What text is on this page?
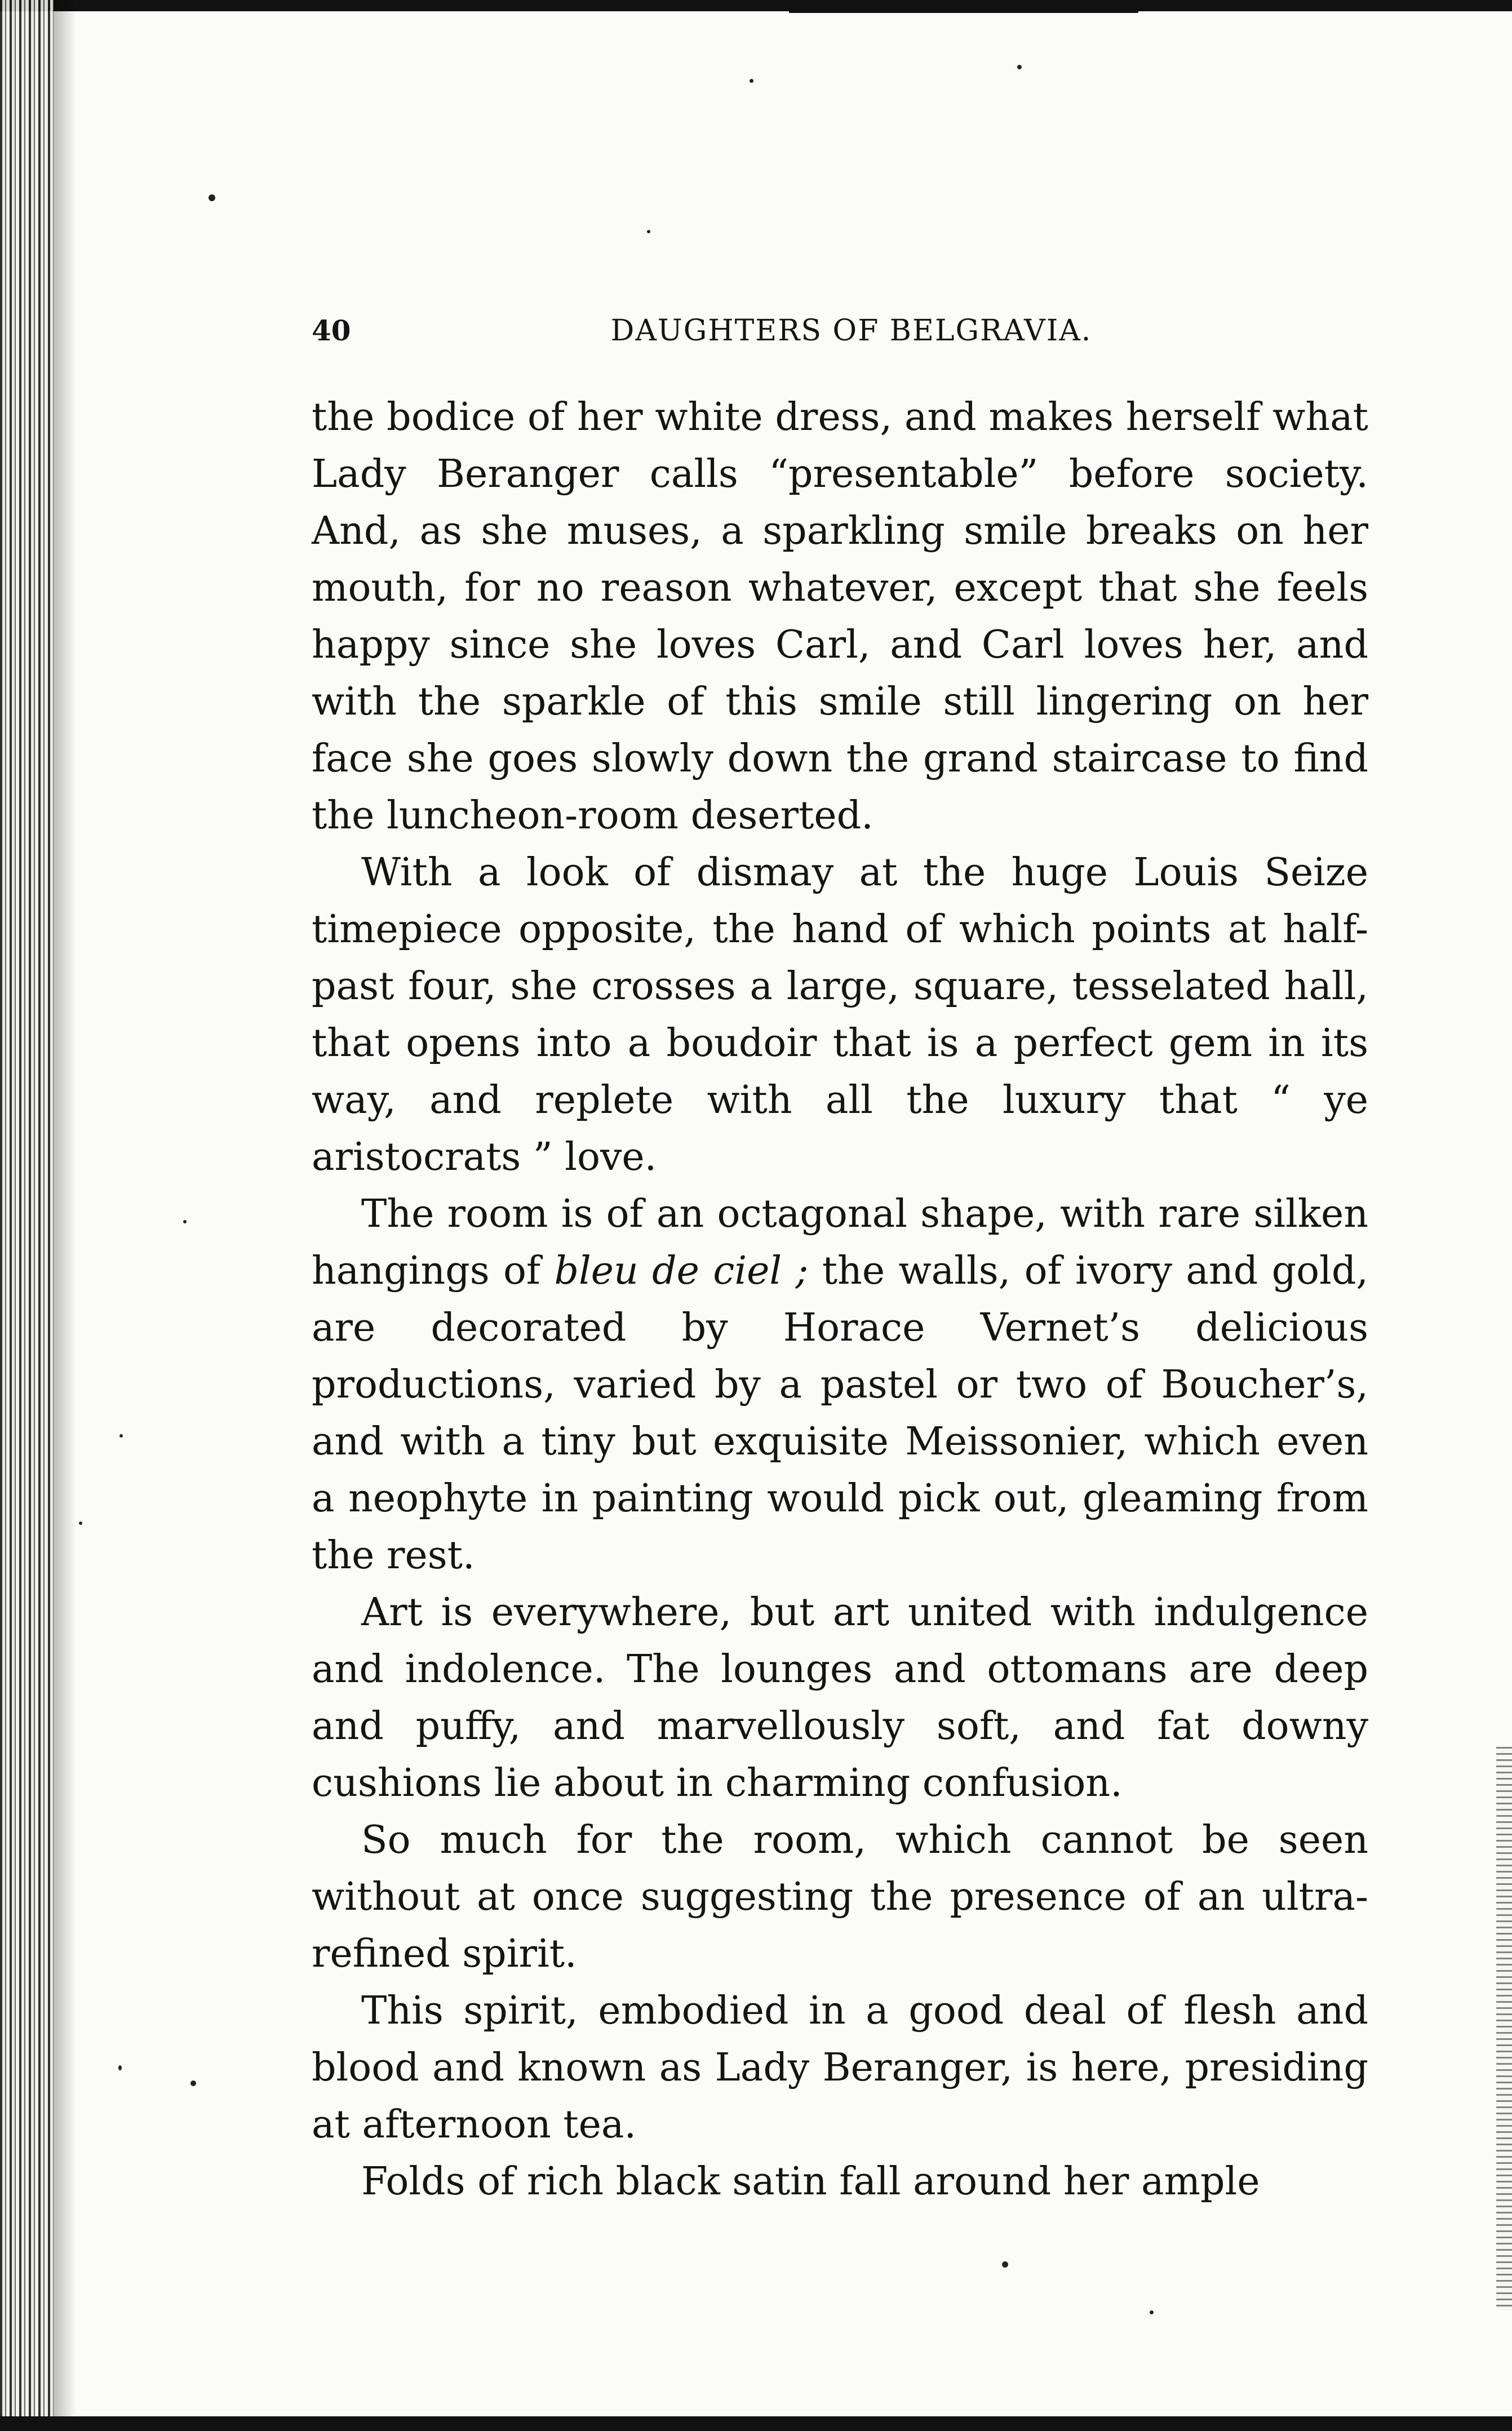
40	DAUGHTERS OF BELGRAVIA.

the bodice of her white dress, and makes herself what Lady Beranger calls “presentable” before society. And, as she muses, a sparkling smile breaks on her mouth, for no reason whatever, except that she feels happy since she loves Carl, and Carl loves her, and with the sparkle of this smile still lingering on her face she goes slowly down the grand staircase to find the luncheon-room deserted.

With a look of dismay at the huge Louis Seize timepiece opposite, the hand of which points at half-past four, she crosses a large, square, tesselated hall, that opens into a boudoir that is a perfect gem in its way, and replete with all the luxury that “ ye aristocrats ” love.

The room is of an octagonal shape, with rare silken hangings of bleu de ciel ; the walls, of ivory and gold, are decorated by Horace Vernet’s delicious productions, varied by a pastel or two of Boucher’s, and with a tiny but exquisite Meissonier, which even a neophyte in painting would pick out, gleaming from the rest.

Art is everywhere, but art united with indulgence and indolence. The lounges and ottomans are deep and puffy, and marvellously soft, and fat downy cushions lie about in charming confusion.

So much for the room, which cannot be seen without at once suggesting the presence of an ultra-refined spirit.

This spirit, embodied in a good deal of flesh and blood and known as Lady Beranger, is here, presiding at afternoon tea.

Folds of rich black satin fall around her ample
